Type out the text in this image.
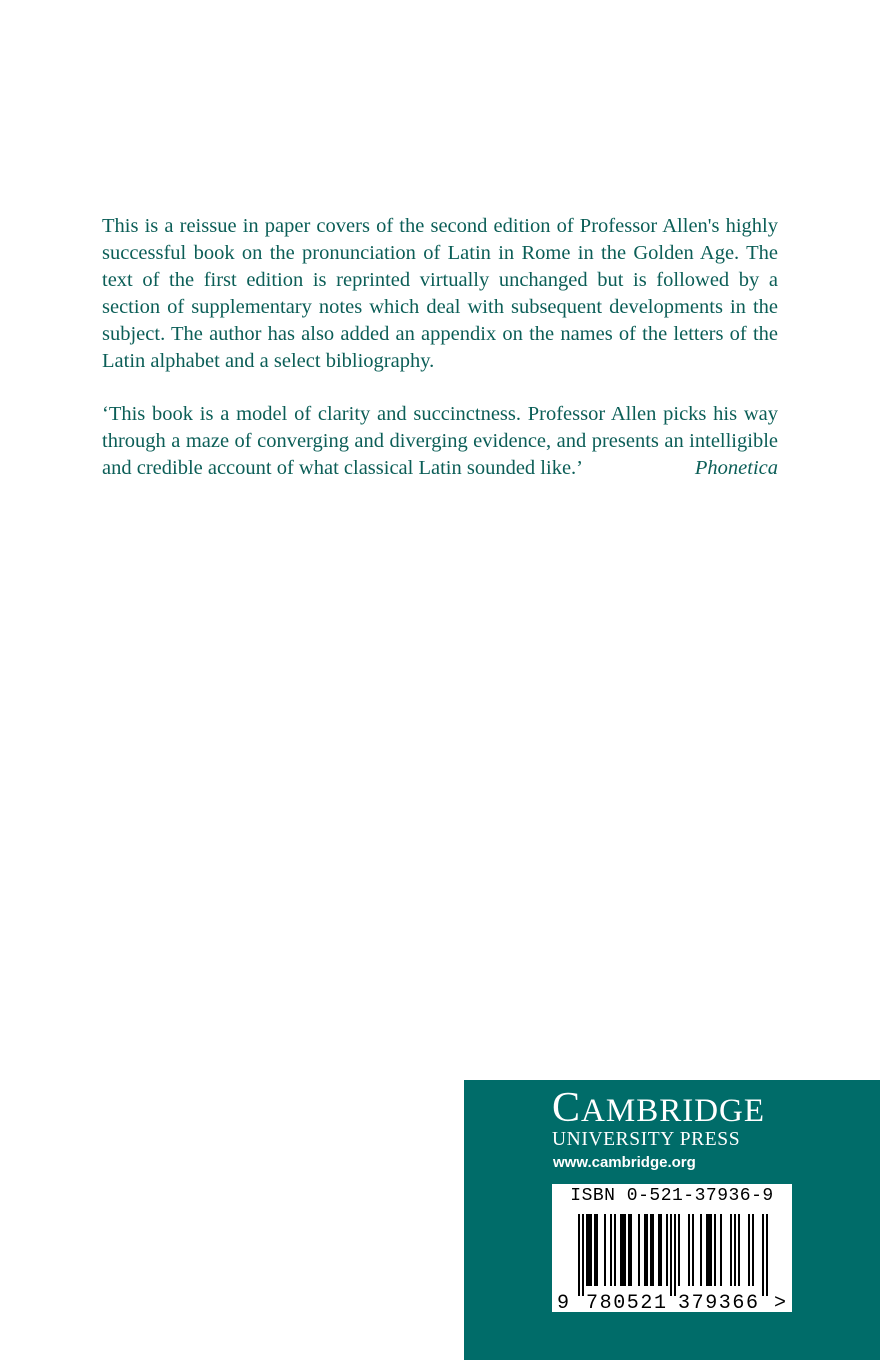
This is a reissue in paper covers of the second edition of Professor Allen's highly successful book on the pronunciation of Latin in Rome in the Golden Age. The text of the first edition is reprinted virtually unchanged but is followed by a section of supplementary notes which deal with subsequent developments in the subject. The author has also added an appendix on the names of the letters of the Latin alphabet and a select bibliography.

‘This book is a model of clarity and succinctness. Professor Allen picks his way through a maze of converging and diverging evidence, and presents an intelligible and credible account of what classical Latin sounded like.’	Phonetica

CAMBRIDGE
UNIVERSITY PRESS
www.cambridge.org
ISBN 0-521-37936-9
9 780521 379366 >
